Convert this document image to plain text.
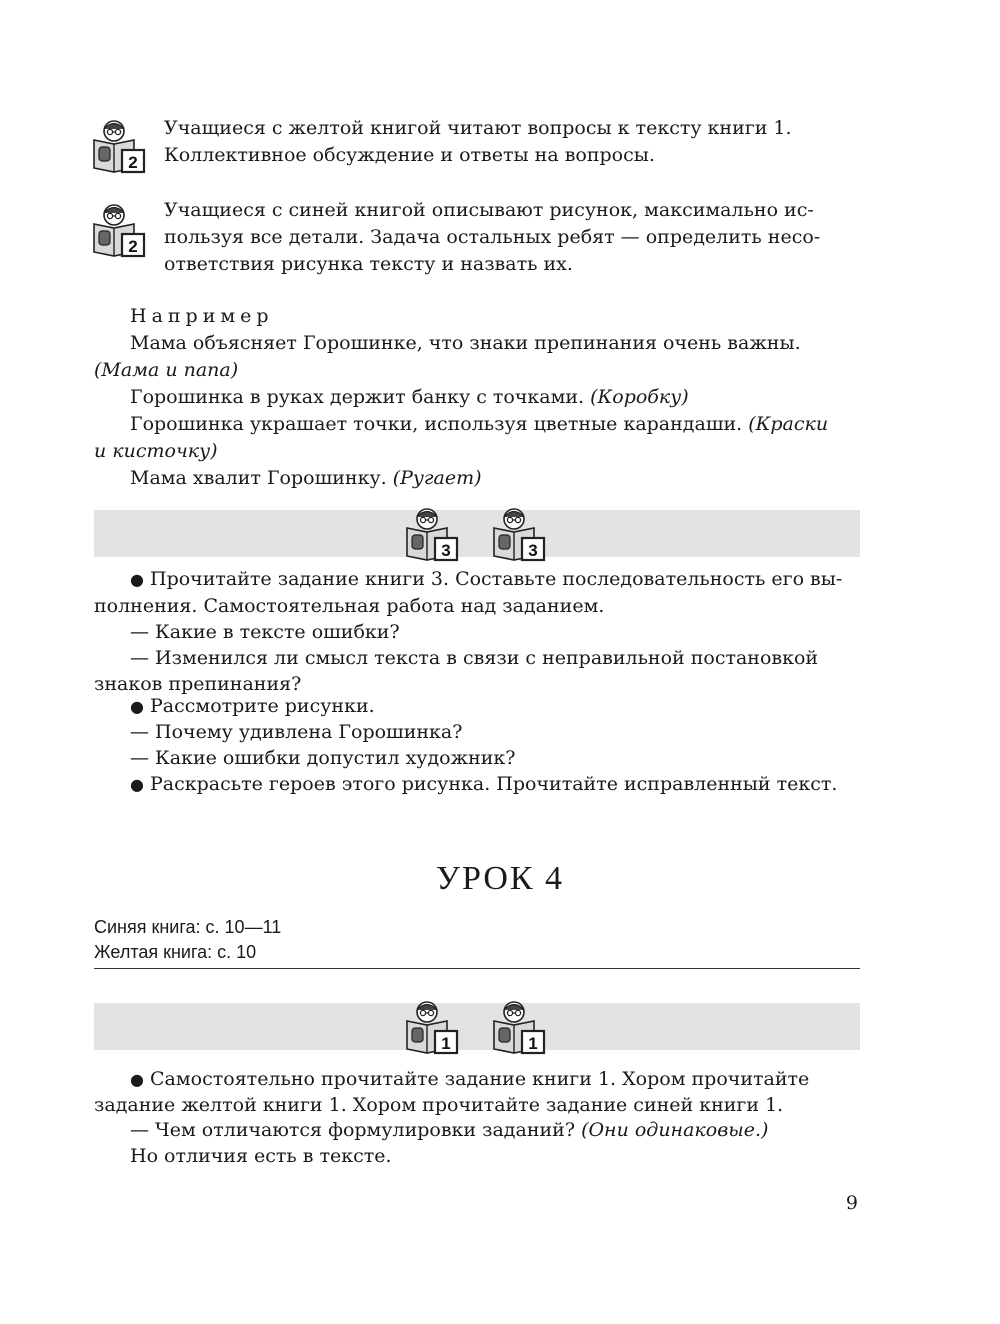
2

Учащиеся с желтой книгой читают вопросы к тексту книги 1.

Коллективное обсуждение и ответы на вопросы.

2

Учащиеся с синей книгой описывают рисунок, максимально ис-

пользуя все детали. Задача остальных ребят — определить несо-

ответствия рисунка тексту и назвать их.

Например

Мама объясняет Горошинке, что знаки препинания очень важны.

(Мама и папа)

Горошинка в руках держит банку с точками. (Коробку)

Горошинка украшает точки, используя цветные карандаши. (Краски

и кисточку)

Мама хвалит Горошинку. (Ругает)

3	3

● Прочитайте задание книги 3. Составьте последовательность его вы-

полнения. Самостоятельная работа над заданием.

— Какие в тексте ошибки?

— Изменился ли смысл текста в связи с неправильной постановкой

знаков препинания?

● Рассмотрите рисунки.

— Почему удивлена Горошинка?

— Какие ошибки допустил художник?

● Раскрасьте героев этого рисунка. Прочитайте исправленный текст.

УРОК 4

Синяя книга: с. 10—11

Желтая книга: с. 10

1	1

● Самостоятельно прочитайте задание книги 1. Хором прочитайте

задание желтой книги 1. Хором прочитайте задание синей книги 1.

— Чем отличаются формулировки заданий? (Они одинаковые.)

Но отличия есть в тексте.

9
